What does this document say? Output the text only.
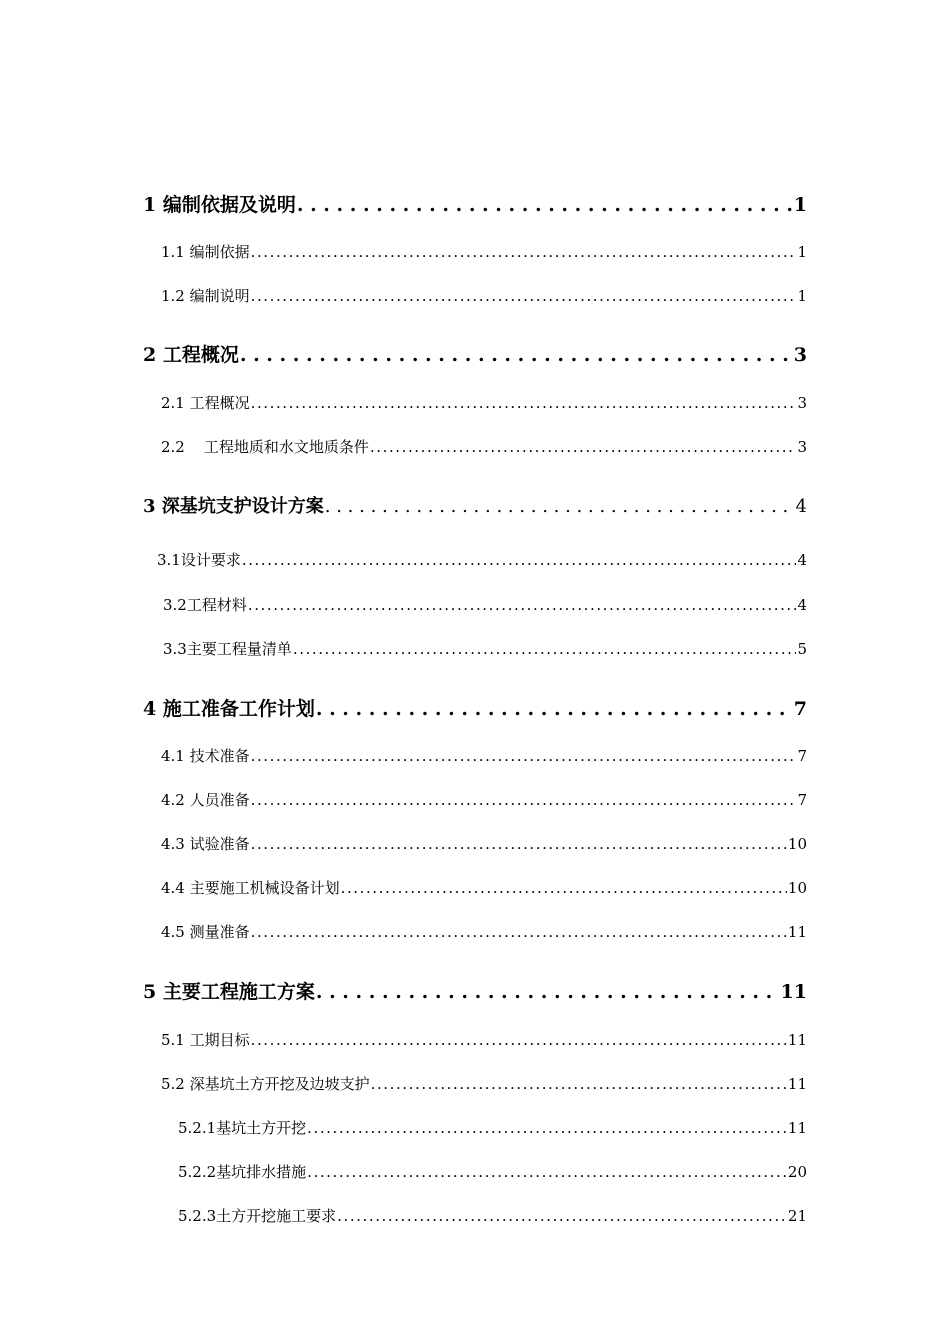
1 编制依据及说明 . . .	1
1.1 编制依据 . . .	1
1.2 编制说明 . . .	1
2 工程概况 . . .	3
2.1 工程概况 . . .	3
2.2    工程地质和水文地质条件 . . .	3
3 深基坑支护设计方案 . . .	4
3.1设计要求 . . .	4
3.2工程材料 . . .	4
3.3主要工程量清单 . . .	5
4 施工准备工作计划 . . .	7
4.1 技术准备 . . .	7
4.2 人员准备 . . .	7
4.3 试验准备 . . .	10
4.4 主要施工机械设备计划 . . .	10
4.5 测量准备 . . .	11
5 主要工程施工方案 . . .	11
5.1 工期目标 . . .	11
5.2 深基坑土方开挖及边坡支护 . . .	11
5.2.1基坑土方开挖 . . .	11
5.2.2基坑排水措施 . . .	20
5.2.3土方开挖施工要求 . . .	21
